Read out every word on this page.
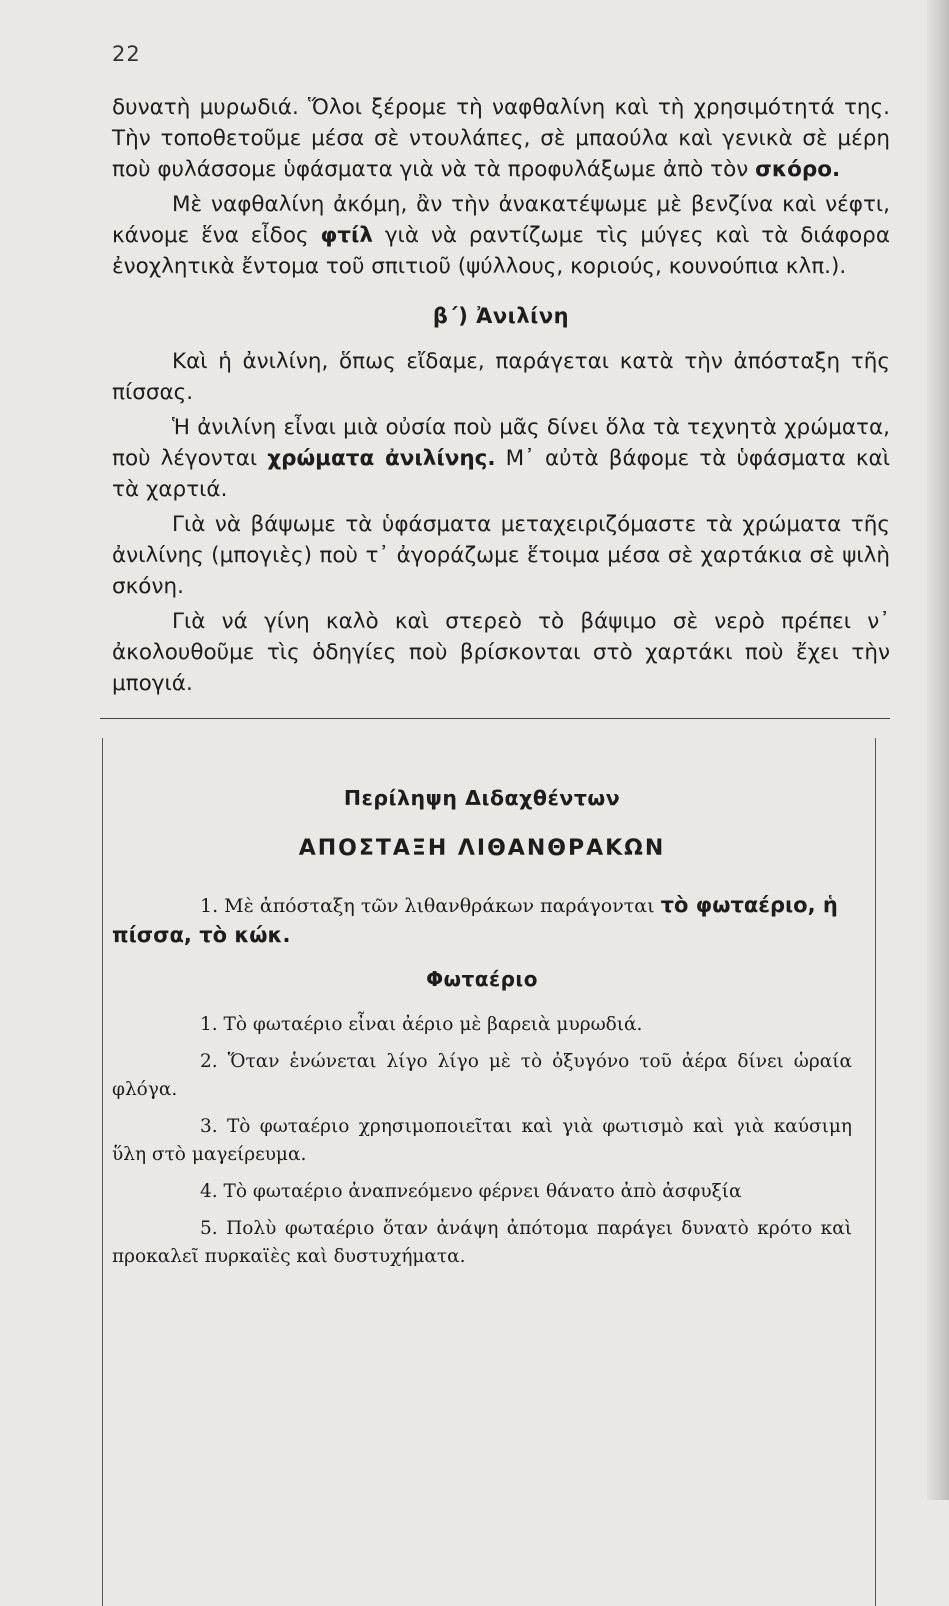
22

δυνατὴ μυρωδιά. Ὅλοι ξέρομε τὴ ναφθαλίνη καὶ τὴ χρησιμότητά της. Τὴν τοποθετοῦμε μέσα σὲ ντουλάπες, σὲ μπαούλα καὶ γενικὰ σὲ μέρη ποὺ φυλάσσομε ὑφάσματα γιὰ νὰ τὰ προφυλάξωμε ἀπὸ τὸν σκόρο.

Μὲ ναφθαλίνη ἀκόμη, ἂν τὴν ἀνακατέψωμε μὲ βενζίνα καὶ νέφτι, κάνομε ἕνα εἶδος φτίλ γιὰ νὰ ραντίζωμε τὶς μύγες καὶ τὰ διάφορα ἐνοχλητικὰ ἔντομα τοῦ σπιτιοῦ (ψύλλους, κοριούς, κουνούπια κλπ.).

β΄) Ἀνιλίνη

Καὶ ἡ ἀνιλίνη, ὅπως εἴδαμε, παράγεται κατὰ τὴν ἀπόσταξη τῆς πίσσας.

Ἡ ἀνιλίνη εἶναι μιὰ οὐσία ποὺ μᾶς δίνει ὅλα τὰ τεχνητὰ χρώματα, ποὺ λέγονται χρώματα ἀνιλίνης. Μ᾽ αὐτὰ βάφομε τὰ ὑφάσματα καὶ τὰ χαρτιά.

Γιὰ νὰ βάψωμε τὰ ὑφάσματα μεταχειριζόμαστε τὰ χρώματα τῆς ἀνιλίνης (μπογιὲς) ποὺ τ᾽ ἀγοράζωμε ἕτοιμα μέσα σὲ χαρτάκια σὲ ψιλὴ σκόνη.

Γιὰ νά γίνη καλὸ καὶ στερεὸ τὸ βάψιμο σὲ νερὸ πρέπει ν᾽ ἀκολουθοῦμε τὶς ὁδηγίες ποὺ βρίσκονται στὸ χαρτάκι ποὺ ἔχει τὴν μπογιά.

Περίληψη Διδαχθέντων
ΑΠΟΣΤΑΞΗ ΛΙΘΑΝΘΡΑΚΩΝ

1. Μὲ ἀπόσταξη τῶν λιθανθράκων παράγονται τὸ φωταέριο, ἡ πίσσα, τὸ κώκ.

Φωταέριο
1. Τὸ φωταέριο εἶναι ἀέριο μὲ βαρειὰ μυρωδιά.
2. Ὅταν ἑνώνεται λίγο λίγο μὲ τὸ ὀξυγόνο τοῦ ἀέρα δίνει ὡραία φλόγα.
3. Τὸ φωταέριο χρησιμοποιεῖται καὶ γιὰ φωτισμὸ καὶ γιὰ καύσιμη ὕλη στὸ μαγείρευμα.
4. Τὸ φωταέριο ἀναπνεόμενο φέρνει θάνατο ἀπὸ ἀσφυξία
5. Πολὺ φωταέριο ὅταν ἀνάψη ἀπότομα παράγει δυνατὸ κρότο καὶ προκαλεῖ πυρκαϊὲς καὶ δυστυχήματα.
